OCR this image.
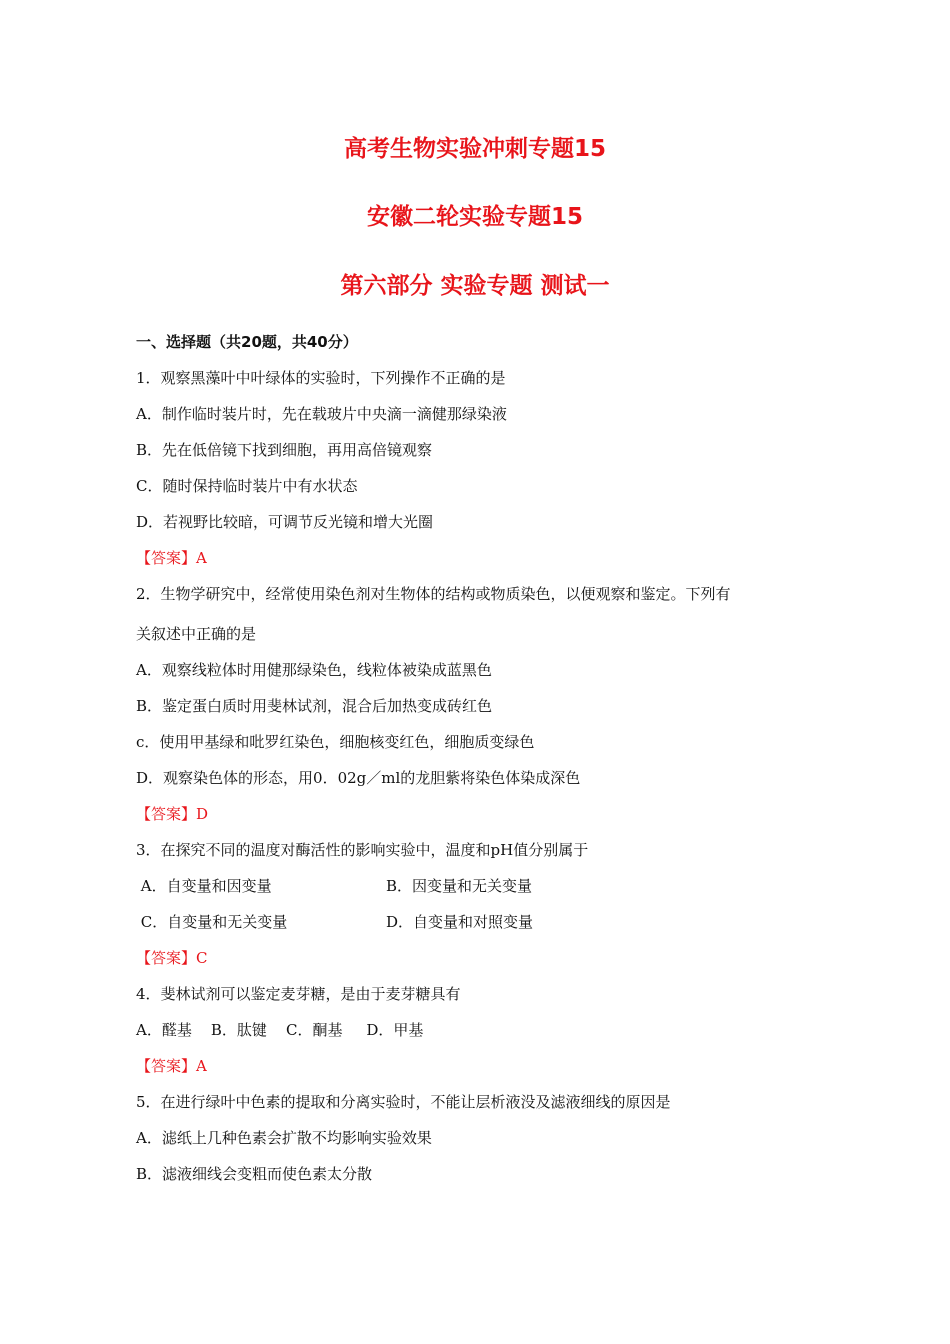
高考生物实验冲刺专题15
安徽二轮实验专题15
第六部分 实验专题 测试一
一、选择题（共20题，共40分）
1．观察黑藻叶中叶绿体的实验时，下列操作不正确的是
A．制作临时装片时，先在载玻片中央滴一滴健那绿染液
B．先在低倍镜下找到细胞，再用高倍镜观察
C．随时保持临时装片中有水状态
D．若视野比较暗，可调节反光镜和增大光圈
【答案】A
2．生物学研究中，经常使用染色剂对生物体的结构或物质染色，以便观察和鉴定。下列有
关叙述中正确的是
A．观察线粒体时用健那绿染色，线粒体被染成蓝黑色
B．鉴定蛋白质时用斐林试剂，混合后加热变成砖红色
c．使用甲基绿和吡罗红染色，细胞核变红色，细胞质变绿色
D．观察染色体的形态，用0．02g／ml的龙胆紫将染色体染成深色
【答案】D
3．在探究不同的温度对酶活性的影响实验中，温度和pH值分别属于
A．自变量和因变量	B．因变量和无关变量
C．自变量和无关变量	D．自变量和对照变量
【答案】C
4．斐林试剂可以鉴定麦芽糖，是由于麦芽糖具有
A．醛基    B．肽键    C．酮基     D．甲基
【答案】A
5．在进行绿叶中色素的提取和分离实验时，不能让层析液没及滤液细线的原因是
A．滤纸上几种色素会扩散不均影响实验效果
B．滤液细线会变粗而使色素太分散
